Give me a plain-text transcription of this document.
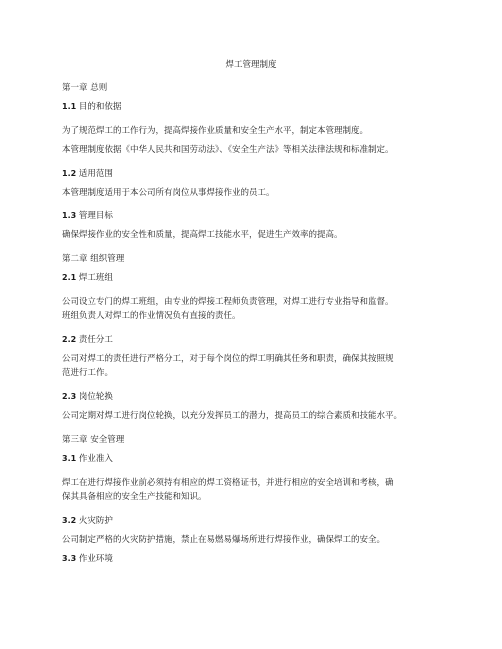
焊工管理制度
第一章 总则
1.1 目的和依据
为了规范焊工的工作行为，提高焊接作业质量和安全生产水平，制定本管理制度。
本管理制度依据《中华人民共和国劳动法》、《安全生产法》等相关法律法规和标准制定。
1.2 适用范围
本管理制度适用于本公司所有岗位从事焊接作业的员工。
1.3 管理目标
确保焊接作业的安全性和质量，提高焊工技能水平，促进生产效率的提高。
第二章 组织管理
2.1 焊工班组
公司设立专门的焊工班组，由专业的焊接工程师负责管理，对焊工进行专业指导和监督。
班组负责人对焊工的作业情况负有直接的责任。
2.2 责任分工
公司对焊工的责任进行严格分工，对于每个岗位的焊工明确其任务和职责，确保其按照规
范进行工作。
2.3 岗位轮换
公司定期对焊工进行岗位轮换，以充分发挥员工的潜力，提高员工的综合素质和技能水平。
第三章 安全管理
3.1 作业准入
焊工在进行焊接作业前必须持有相应的焊工资格证书，并进行相应的安全培训和考核，确
保其具备相应的安全生产技能和知识。
3.2 火灾防护
公司制定严格的火灾防护措施，禁止在易燃易爆场所进行焊接作业，确保焊工的安全。
3.3 作业环境
